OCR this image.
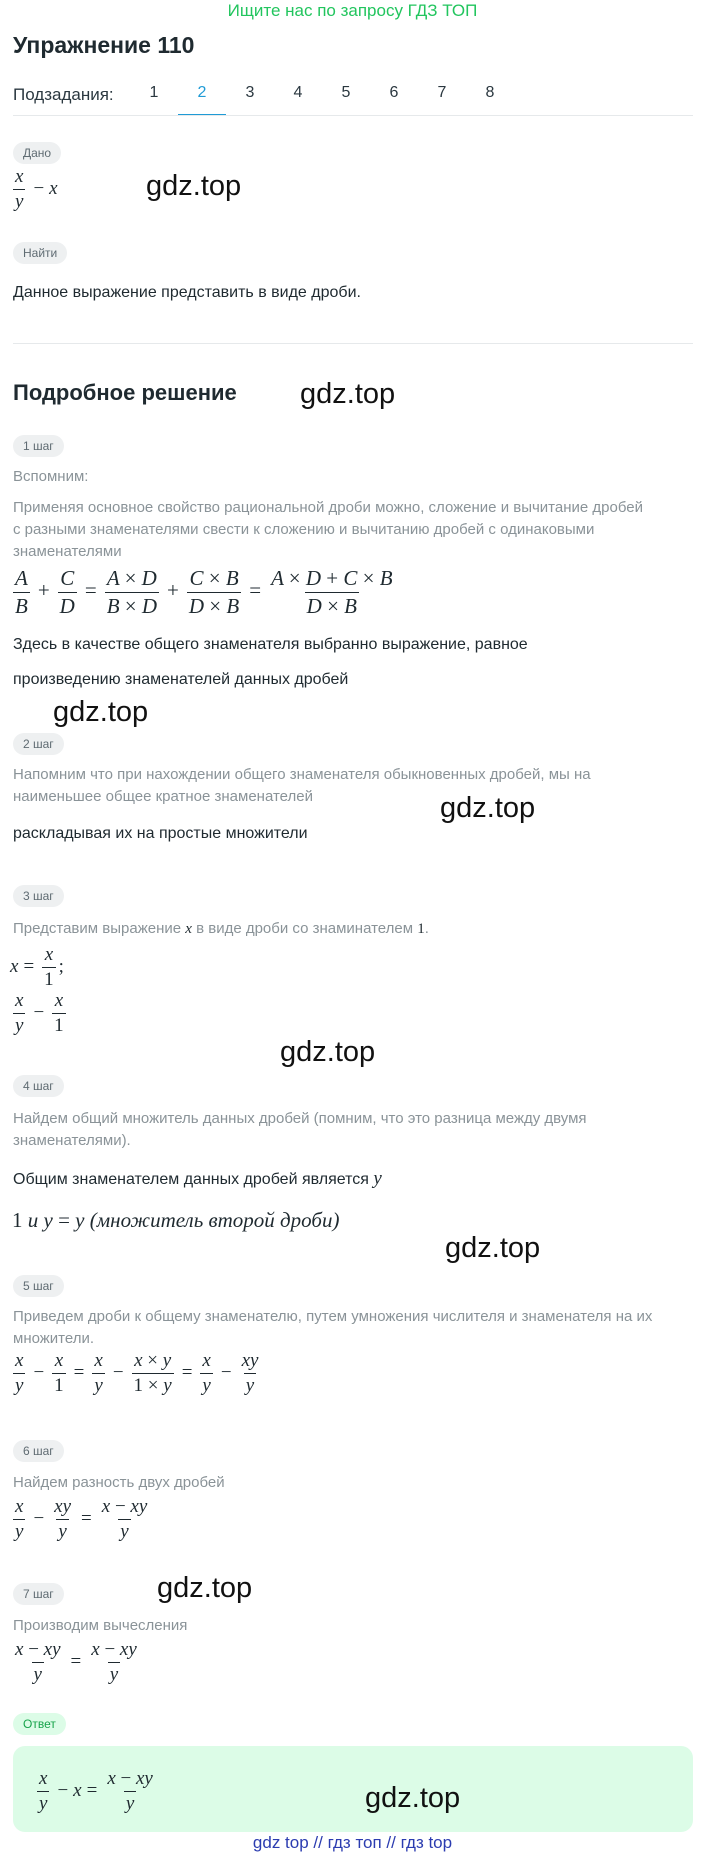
Ищите нас по запросу ГДЗ ТОП
Упражнение 110
Подзадания:	1	2	3	4	5	6	7	8
Дано
$\frac{x}{y} - x$	gdz.top
Найти
Данное выражение представить в виде дроби.
Подробное решение gdz.top
1 шаг
Вспомним:
Применяя основное свойство рациональной дроби можно, сложение и вычитание дробей с разными знаменателями свести к сложению и вычитанию дробей с одинаковыми знаменателями
$\frac{A}{B} + \frac{C}{D} = \frac{A \times D}{B \times D} + \frac{C \times B}{D \times B} = \frac{A \times D + C \times B}{D \times B}$
Здесь в качестве общего знаменателя выбранно выражение, равное
произведению знаменателей данных дробей
gdz.top
2 шаг
Напомним что при нахождении общего знаменателя обыкновенных дробей, мы на наименьшее общее кратное знаменателей	gdz.top
раскладывая их на простые множители
3 шаг
Представим выражение x в виде дроби со знаминателем 1.
$x = \frac{x}{1}$ ;
$\frac{x}{y} - \frac{x}{1}$
gdz.top
4 шаг
Найдем общий множитель данных дробей (помним, что это разница между двумя знаменателями).
Общим знаменателем данных дробей является y
1 и y = y (множитель второй дроби)
gdz.top
5 шаг
Приведем дроби к общему знаменателю, путем умножения числителя и знаменателя на их множители.
$\frac{x}{y} - \frac{x}{1} = \frac{x}{y} - \frac{x \times y}{1 \times y} = \frac{x}{y} - \frac{xy}{y}$
6 шаг
Найдем разность двух дробей
$\frac{x}{y} - \frac{xy}{y} = \frac{x - xy}{y}$
7 шаг	gdz.top
Производим вычесления
$\frac{x - xy}{y} = \frac{x - xy}{y}$
Ответ
$\frac{x}{y} - x = \frac{x - xy}{y}$	gdz.top
gdz top // гдз топ // гдз top
